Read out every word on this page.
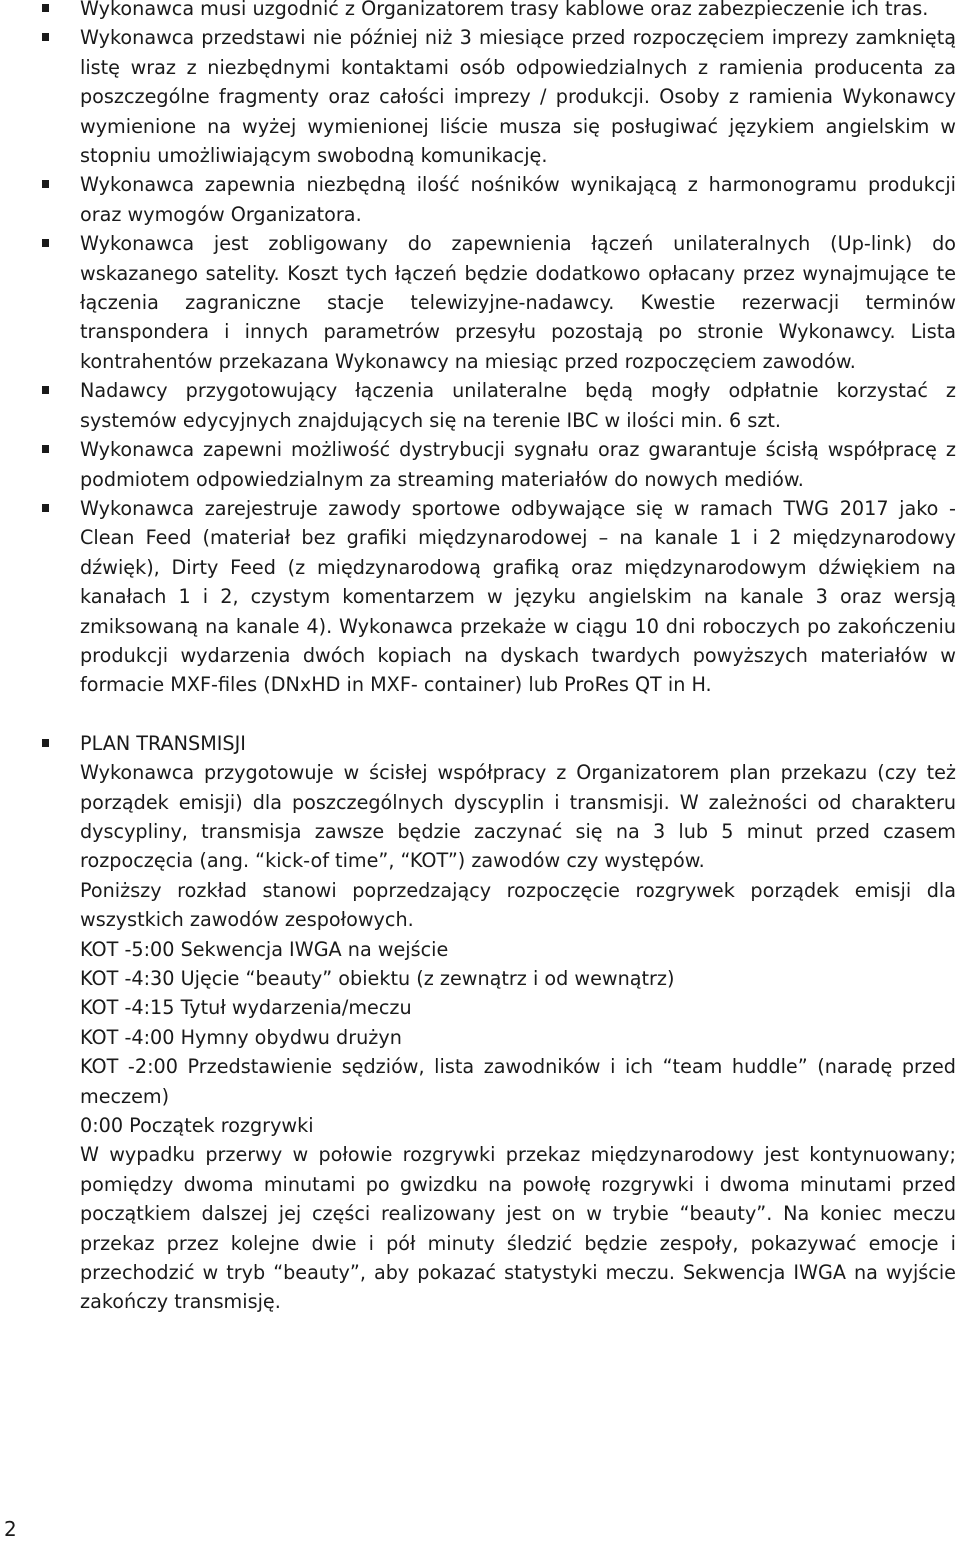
Wykonawca musi uzgodnić z Organizatorem trasy kablowe oraz zabezpieczenie ich tras.

Wykonawca przedstawi nie później niż 3 miesiące przed rozpoczęciem imprezy zamkniętą listę wraz z niezbędnymi kontaktami osób odpowiedzialnych z ramienia producenta za poszczególne fragmenty oraz całości imprezy / produkcji. Osoby z ramienia Wykonawcy wymienione na wyżej wymienionej liście musza się posługiwać językiem angielskim w stopniu umożliwiającym swobodną komunikację.

Wykonawca zapewnia niezbędną ilość nośników wynikającą z harmonogramu produkcji oraz wymogów Organizatora.

Wykonawca jest zobligowany do zapewnienia łączeń unilateralnych (Up-link) do wskazanego satelity. Koszt tych łączeń będzie dodatkowo opłacany przez wynajmujące te łączenia zagraniczne stacje telewizyjne-nadawcy. Kwestie rezerwacji terminów transpondera i innych parametrów przesyłu pozostają po stronie Wykonawcy. Lista kontrahentów przekazana Wykonawcy na miesiąc przed rozpoczęciem zawodów.

Nadawcy przygotowujący łączenia unilateralne będą mogły odpłatnie korzystać z systemów edycyjnych znajdujących się na terenie IBC w ilości min. 6 szt.

Wykonawca zapewni możliwość dystrybucji sygnału oraz gwarantuje ścisłą współpracę z podmiotem odpowiedzialnym za streaming materiałów do nowych mediów.

Wykonawca zarejestruje zawody sportowe odbywające się w ramach TWG 2017 jako - Clean Feed (materiał bez grafiki międzynarodowej – na kanale 1 i 2 międzynarodowy dźwięk), Dirty Feed (z międzynarodową grafiką oraz międzynarodowym dźwiękiem na kanałach 1 i 2, czystym komentarzem w języku angielskim na kanale 3 oraz wersją zmiksowaną na kanale 4). Wykonawca przekaże w ciągu 10 dni roboczych po zakończeniu produkcji wydarzenia dwóch kopiach na dyskach twardych powyższych materiałów w formacie MXF-files (DNxHD in MXF- container) lub ProRes QT in H.

PLAN TRANSMISJI

Wykonawca przygotowuje w ścisłej współpracy z Organizatorem plan przekazu (czy też porządek emisji) dla poszczególnych dyscyplin i transmisji. W zależności od charakteru dyscypliny, transmisja zawsze będzie zaczynać się na 3 lub 5 minut przed czasem rozpoczęcia (ang. “kick-of time”, “KOT”) zawodów czy występów.

Poniższy rozkład stanowi poprzedzający rozpoczęcie rozgrywek porządek emisji dla wszystkich zawodów zespołowych.

KOT -5:00 Sekwencja IWGA na wejście

KOT -4:30 Ujęcie “beauty” obiektu (z zewnątrz i od wewnątrz)

KOT -4:15 Tytuł wydarzenia/meczu

KOT -4:00 Hymny obydwu drużyn

KOT -2:00 Przedstawienie sędziów, lista zawodników i ich “team huddle” (naradę przed meczem)

0:00 Początek rozgrywki

W wypadku przerwy w połowie rozgrywki przekaz międzynarodowy jest kontynuowany; pomiędzy dwoma minutami po gwizdku na powołę rozgrywki i dwoma minutami przed początkiem dalszej jej części realizowany jest on w trybie “beauty”. Na koniec meczu przekaz przez kolejne dwie i pół minuty śledzić będzie zespoły, pokazywać emocje i przechodzić w tryb “beauty”, aby pokazać statystyki meczu. Sekwencja IWGA na wyjście zakończy transmisję.

2
